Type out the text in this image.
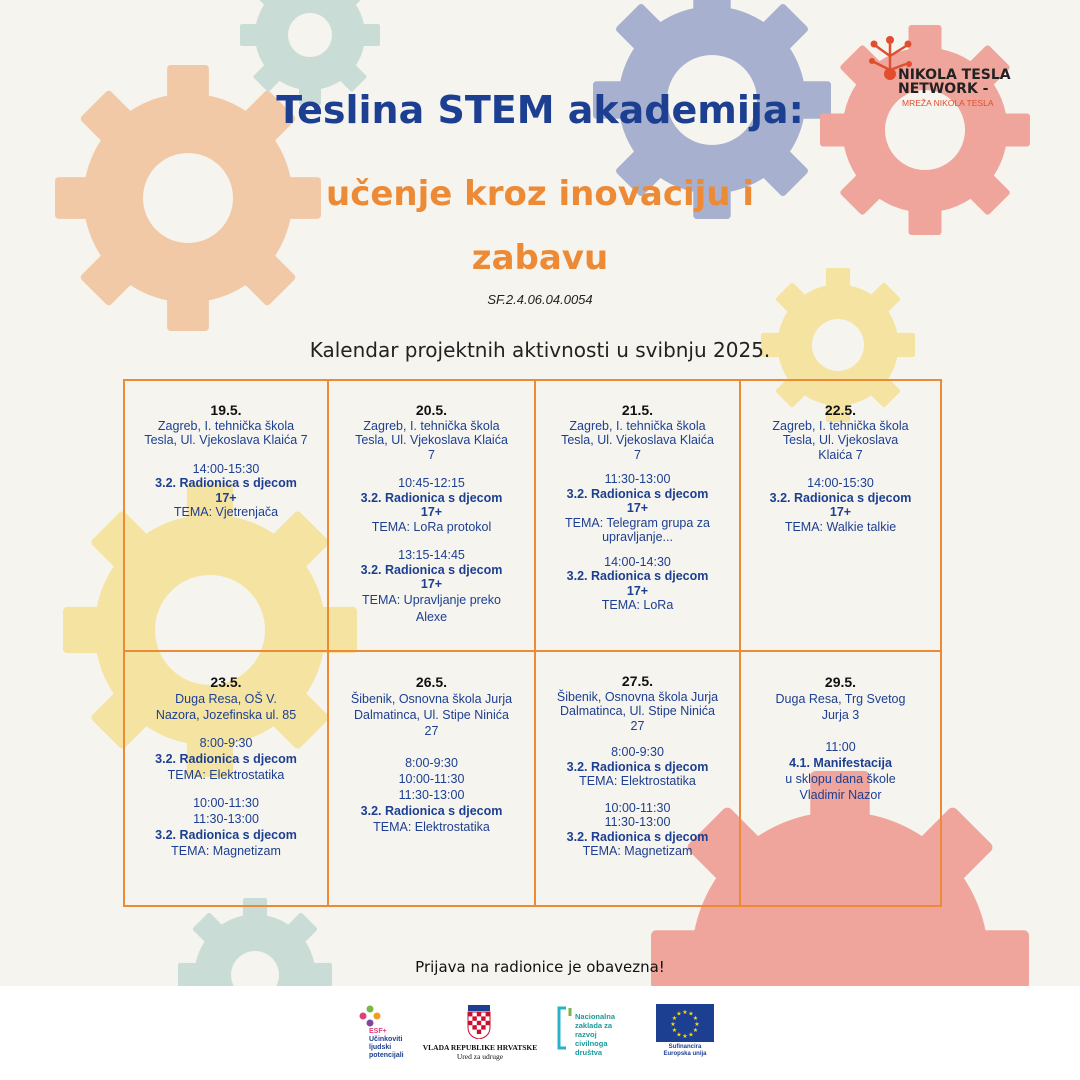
NIKOLA TESLA
NETWORK -
MREŽA NIKOLA TESLA
Teslina STEM akademija:
učenje kroz inovaciju i
zabavu
SF.2.4.06.04.0054
Kalendar projektnih aktivnosti u svibnju 2025.
19.5.
Zagreb, I. tehnička škola Tesla, Ul. Vjekoslava Klaića 7
14:00-15:30
3.2. Radionica s djecom
17+
TEMA: Vjetrenjača
20.5.
Zagreb, I. tehnička škola Tesla, Ul. Vjekoslava Klaića 7
10:45-12:15
3.2. Radionica s djecom
17+
TEMA: LoRa protokol
13:15-14:45
3.2. Radionica s djecom
17+
TEMA: Upravljanje preko Alexe
21.5.
Zagreb, I. tehnička škola Tesla, Ul. Vjekoslava Klaića 7
11:30-13:00
3.2. Radionica s djecom
17+
TEMA: Telegram grupa za upravljanje...
14:00-14:30
3.2. Radionica s djecom
17+
TEMA: LoRa
22.5.
Zagreb, I. tehnička škola Tesla, Ul. Vjekoslava Klaića 7
14:00-15:30
3.2. Radionica s djecom
17+
TEMA: Walkie talkie
23.5.
Duga Resa, OŠ V. Nazora, Jozefinska ul. 85
8:00-9:30
3.2. Radionica s djecom
TEMA: Elektrostatika
10:00-11:30
11:30-13:00
3.2. Radionica s djecom
TEMA: Magnetizam
26.5.
Šibenik, Osnovna škola Jurja Dalmatinca, Ul. Stipe Ninića 27
8:00-9:30
10:00-11:30
11:30-13:00
3.2. Radionica s djecom
TEMA: Elektrostatika
27.5.
Šibenik, Osnovna škola Jurja Dalmatinca, Ul. Stipe Ninića 27
8:00-9:30
3.2. Radionica s djecom
TEMA: Elektrostatika
10:00-11:30
11:30-13:00
3.2. Radionica s djecom
TEMA: Magnetizam
29.5.
Duga Resa, Trg Svetog Jurja 3
11:00
4.1. Manifestacija
u sklopu dana škole Vladimir Nazor
Prijava na radionice je obavezna!
ESF+
Učinkoviti
ljudski
potencijali
VLADA REPUBLIKE HRVATSKE
Ured za udruge
Nacionalna
zaklada za
razvoj
civilnoga
društva
★ ★
★
★
★
★
★
★
★
★
★
★
Sufinancira
Europska unija
